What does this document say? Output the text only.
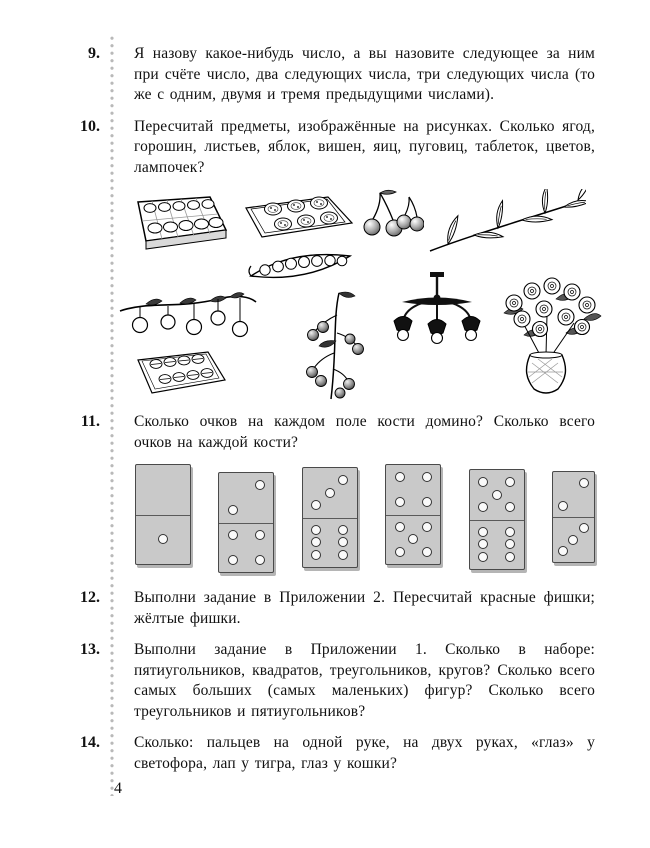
9. Я назову какое-нибудь число, а вы назовите следующее за ним при счёте число, два следующих числа, три следующих числа (то же с одним, двумя и тремя предыдущими числами).
10. Пересчитай предметы, изображённые на рисунках. Сколько ягод, горошин, листьев, яблок, вишен, яиц, пуговиц, таблеток, цветов, лампочек?
11. Сколько очков на каждом поле кости домино? Сколько всего очков на каждой кости?
12. Выполни задание в Приложении 2. Пересчитай красные фишки; жёлтые фишки.
13. Выполни задание в Приложении 1. Сколько в наборе: пятиугольников, квадратов, треугольников, кругов? Сколько всего самых больших (самых маленьких) фигур? Сколько всего треугольников и пятиугольников?
14. Сколько: пальцев на одной руке, на двух руках, «глаз» у светофора, лап у тигра, глаз у кошки?
4
